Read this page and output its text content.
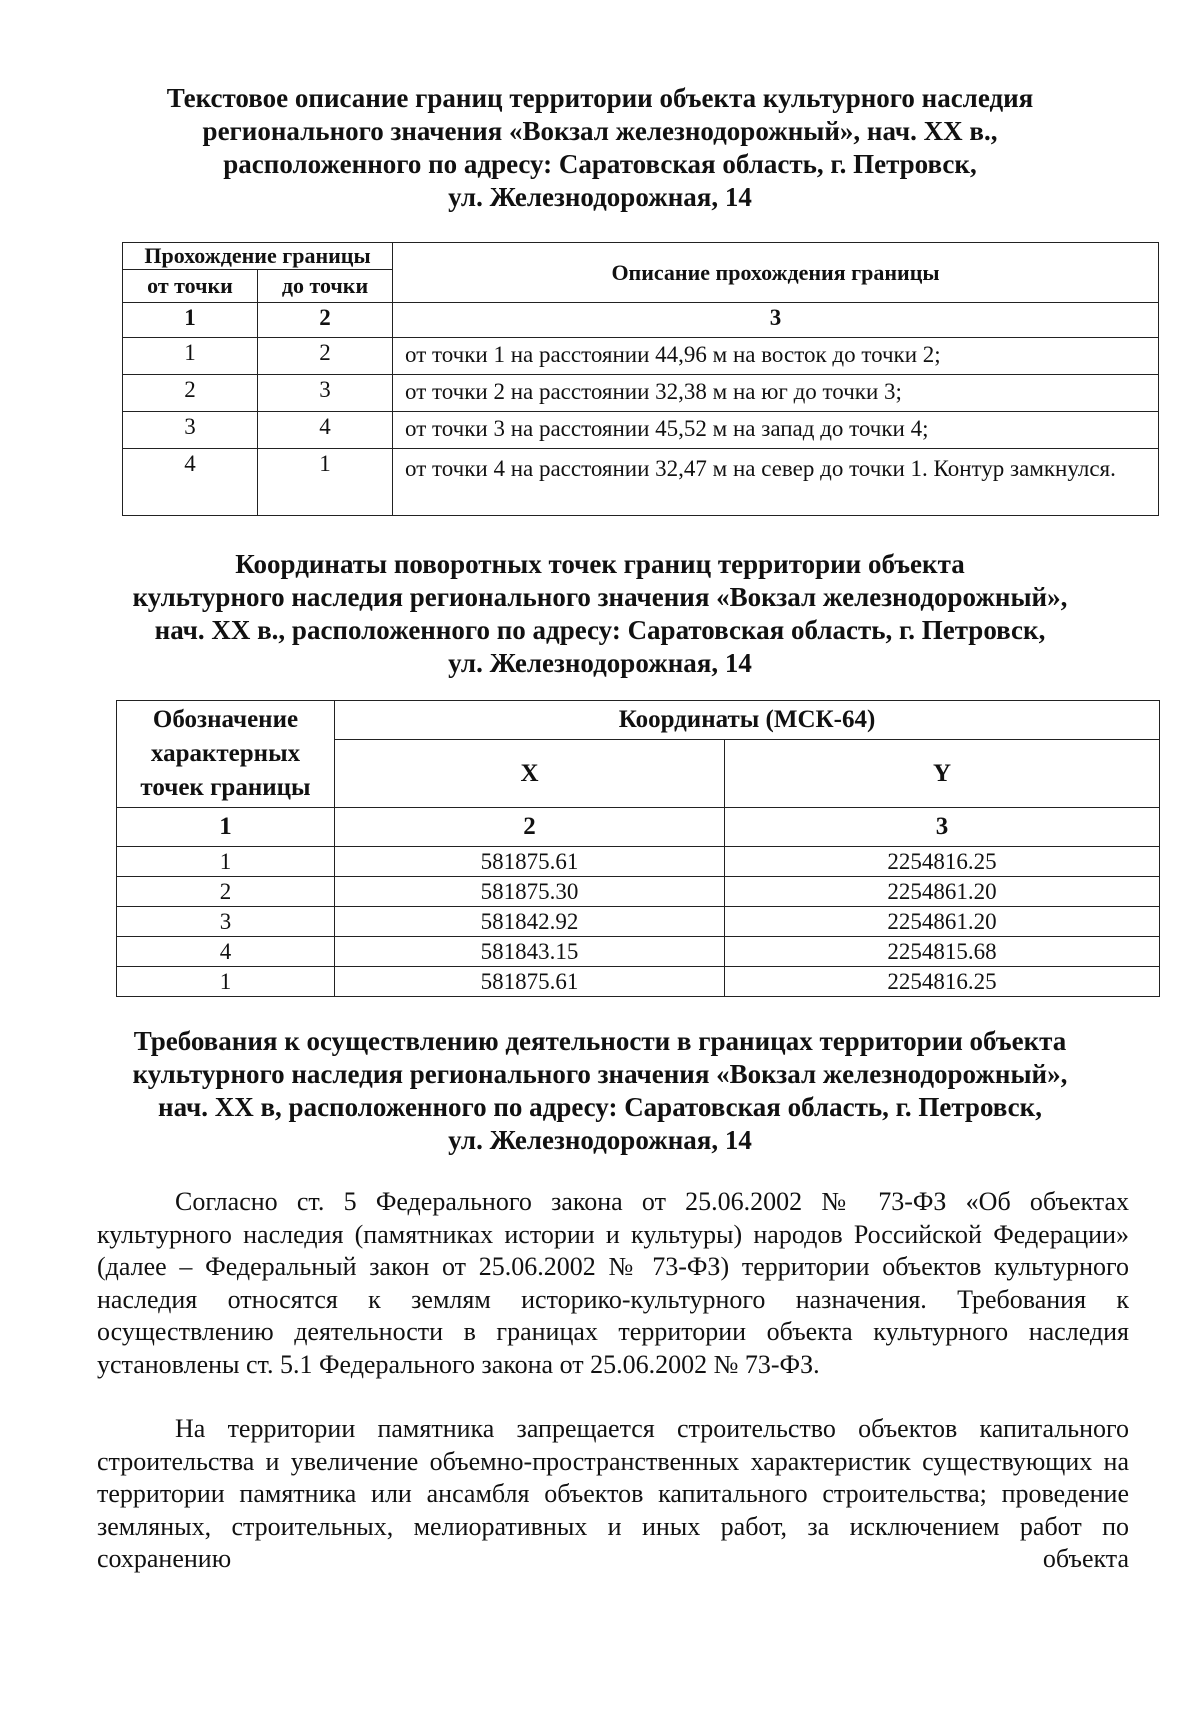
Текстовое описание границ территории объекта культурного наследия
регионального значения «Вокзал железнодорожный», нач. XX в.,
расположенного по адресу: Саратовская область, г. Петровск,
ул. Железнодорожная, 14
Прохождение границы		Описание прохождения границы
от точки	до точки	
1	2	3
1	2	от точки 1 на расстоянии 44,96 м на восток до точки 2;
2	3	от точки 2 на расстоянии 32,38 м на юг до точки 3;
3	4	от точки 3 на расстоянии 45,52 м на запад до точки 4;
4	1	от точки 4 на расстоянии 32,47 м на север до точки 1. Контур замкнулся.
Координаты поворотных точек границ территории объекта
культурного наследия регионального значения «Вокзал железнодорожный»,
нач. XX в., расположенного по адресу: Саратовская область, г. Петровск,
ул. Железнодорожная, 14
Обозначение характерных точек границы	Координаты (МСК-64)	
	X	Y
1	2	3
1	581875.61	2254816.25
2	581875.30	2254861.20
3	581842.92	2254861.20
4	581843.15	2254815.68
1	581875.61	2254816.25
Требования к осуществлению деятельности в границах территории объекта
культурного наследия регионального значения «Вокзал железнодорожный»,
нач. XX в, расположенного по адресу: Саратовская область, г. Петровск,
ул. Железнодорожная, 14
Согласно ст. 5 Федерального закона от 25.06.2002 № 73-ФЗ «Об объектах культурного наследия (памятниках истории и культуры) народов Российской Федерации» (далее – Федеральный закон от 25.06.2002 № 73-ФЗ) территории объектов культурного наследия относятся к землям историко-культурного назначения. Требования к осуществлению деятельности в границах территории объекта культурного наследия установлены ст. 5.1 Федерального закона от 25.06.2002 № 73-ФЗ.
На территории памятника запрещается строительство объектов капитального строительства и увеличение объемно-пространственных характеристик существующих на территории памятника или ансамбля объектов капитального строительства; проведение земляных, строительных, мелиоративных и иных работ, за исключением работ по сохранению объекта
